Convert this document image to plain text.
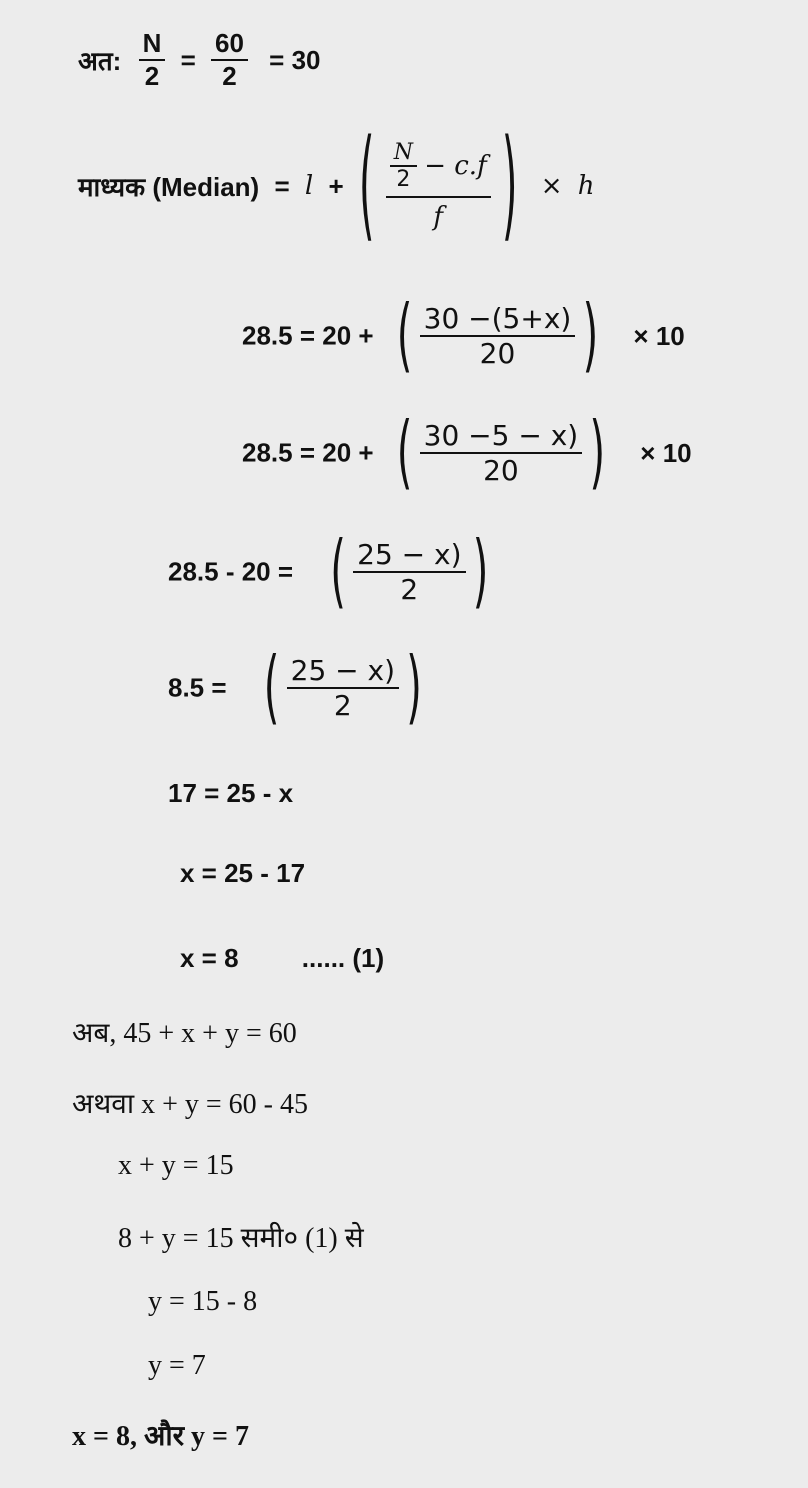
अत: $\frac{N}{2} = \frac{60}{2} = 30$
माध्यक (Median) = l + ( $\frac{\frac{N}{2} - c.f}{f}$ ) × h
28.5 = 20 + ( $\frac{30 -(5+x)}{20}$ ) × 10
28.5 = 20 + ( $\frac{30 -5 - x)}{20}$ ) × 10
28.5 - 20 = ( $\frac{25 - x)}{2}$ )
8.5 = ( $\frac{25 - x)}{2}$ )
17 = 25 - x
x = 25 - 17
x = 8 ...... (1)
अब, 45 + x + y = 60
अथवा x + y = 60 - 45
x + y = 15
8 + y = 15 समी० (1) से
y = 15 - 8
y = 7
x = 8, और y = 7
